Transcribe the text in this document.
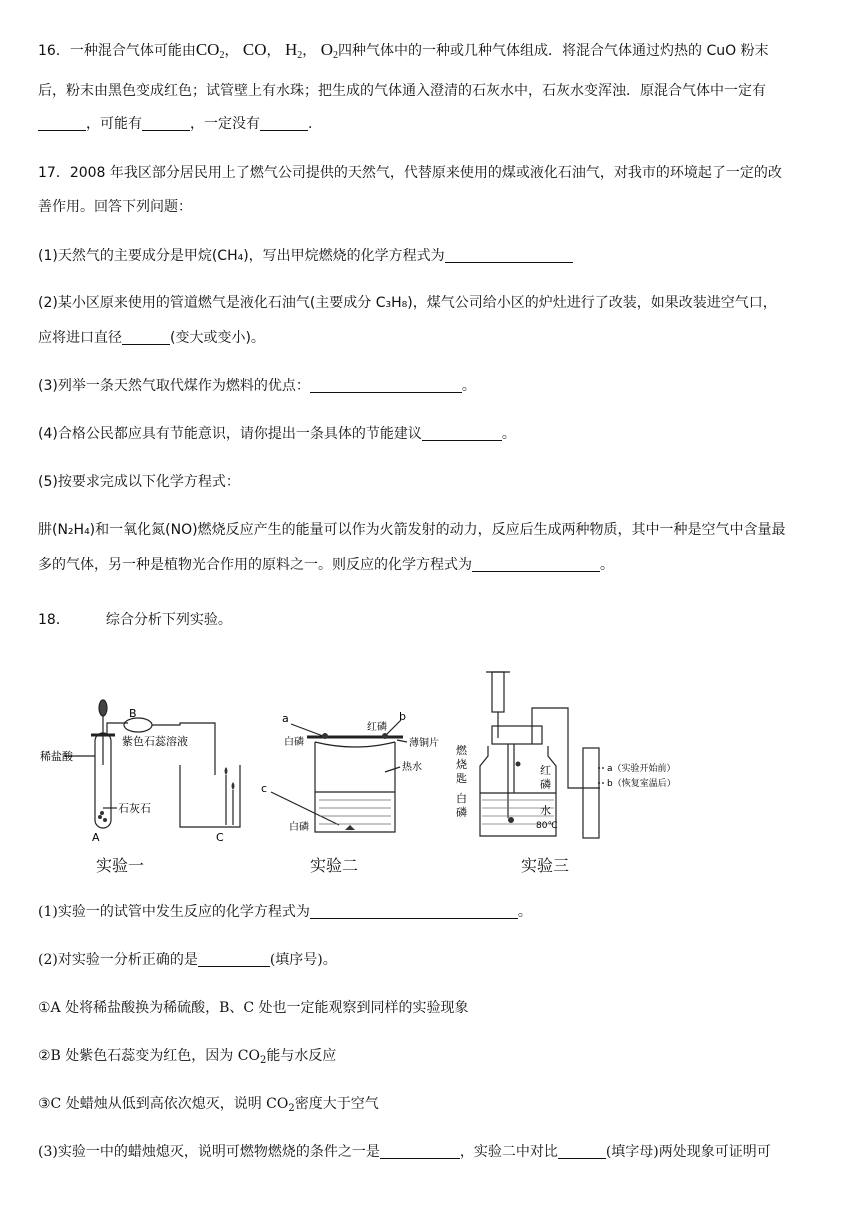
16．一种混合气体可能由$CO_2$， CO， $H_2$， $O_2$四种气体中的一种或几种气体组成．将混合气体通过灼热的 CuO 粉末
后，粉末由黑色变成红色；试管壁上有水珠；把生成的气体通入澄清的石灰水中，石灰水变浑浊．原混合气体中一定有
，可能有	，一定没有	.
17．2008 年我区部分居民用上了燃气公司提供的天然气，代替原来使用的煤或液化石油气，对我市的环境起了一定的改
善作用。回答下列问题：
(1)天然气的主要成分是甲烷(CH₄)，写出甲烷燃烧的化学方程式为
(2)某小区原来使用的管道燃气是液化石油气(主要成分 C₃H₈)，煤气公司给小区的炉灶进行了改装，如果改装进空气口，
应将进口直径	(变大或变小)。
(3)列举一条天然气取代煤作为燃料的优点：	。
(4)合格公民都应具有节能意识，请你提出一条具体的节能建议	。
(5)按要求完成以下化学方程式：
肼(N₂H₄)和一氧化氮(NO)燃烧反应产生的能量可以作为火箭发射的动力，反应后生成两种物质，其中一种是空气中含量最
多的气体，另一种是植物光合作用的原料之一。则反应的化学方程式为	。
18．	综合分析下列实验。
稀盐酸
B
紫色石蕊溶液
石灰石
A	C
实验一
a
白磷
b
红磷
薄铜片
热水
c
白磷
实验二
燃
烧
匙
白
磷
红
磷
水
80℃
a（实验开始前）
b（恢复室温后）
实验三
(1)实验一的试管中发生反应的化学方程式为	。
(2)对实验一分析正确的是	(填序号)。
①A 处将稀盐酸换为稀硫酸，B、C 处也一定能观察到同样的实验现象
②B 处紫色石蕊变为红色，因为 $CO_2$能与水反应
③C 处蜡烛从低到高依次熄灭，说明 $CO_2$密度大于空气
(3)实验一中的蜡烛熄灭，说明可燃物燃烧的条件之一是	，实验二中对比	(填字母)两处现象可证明可
